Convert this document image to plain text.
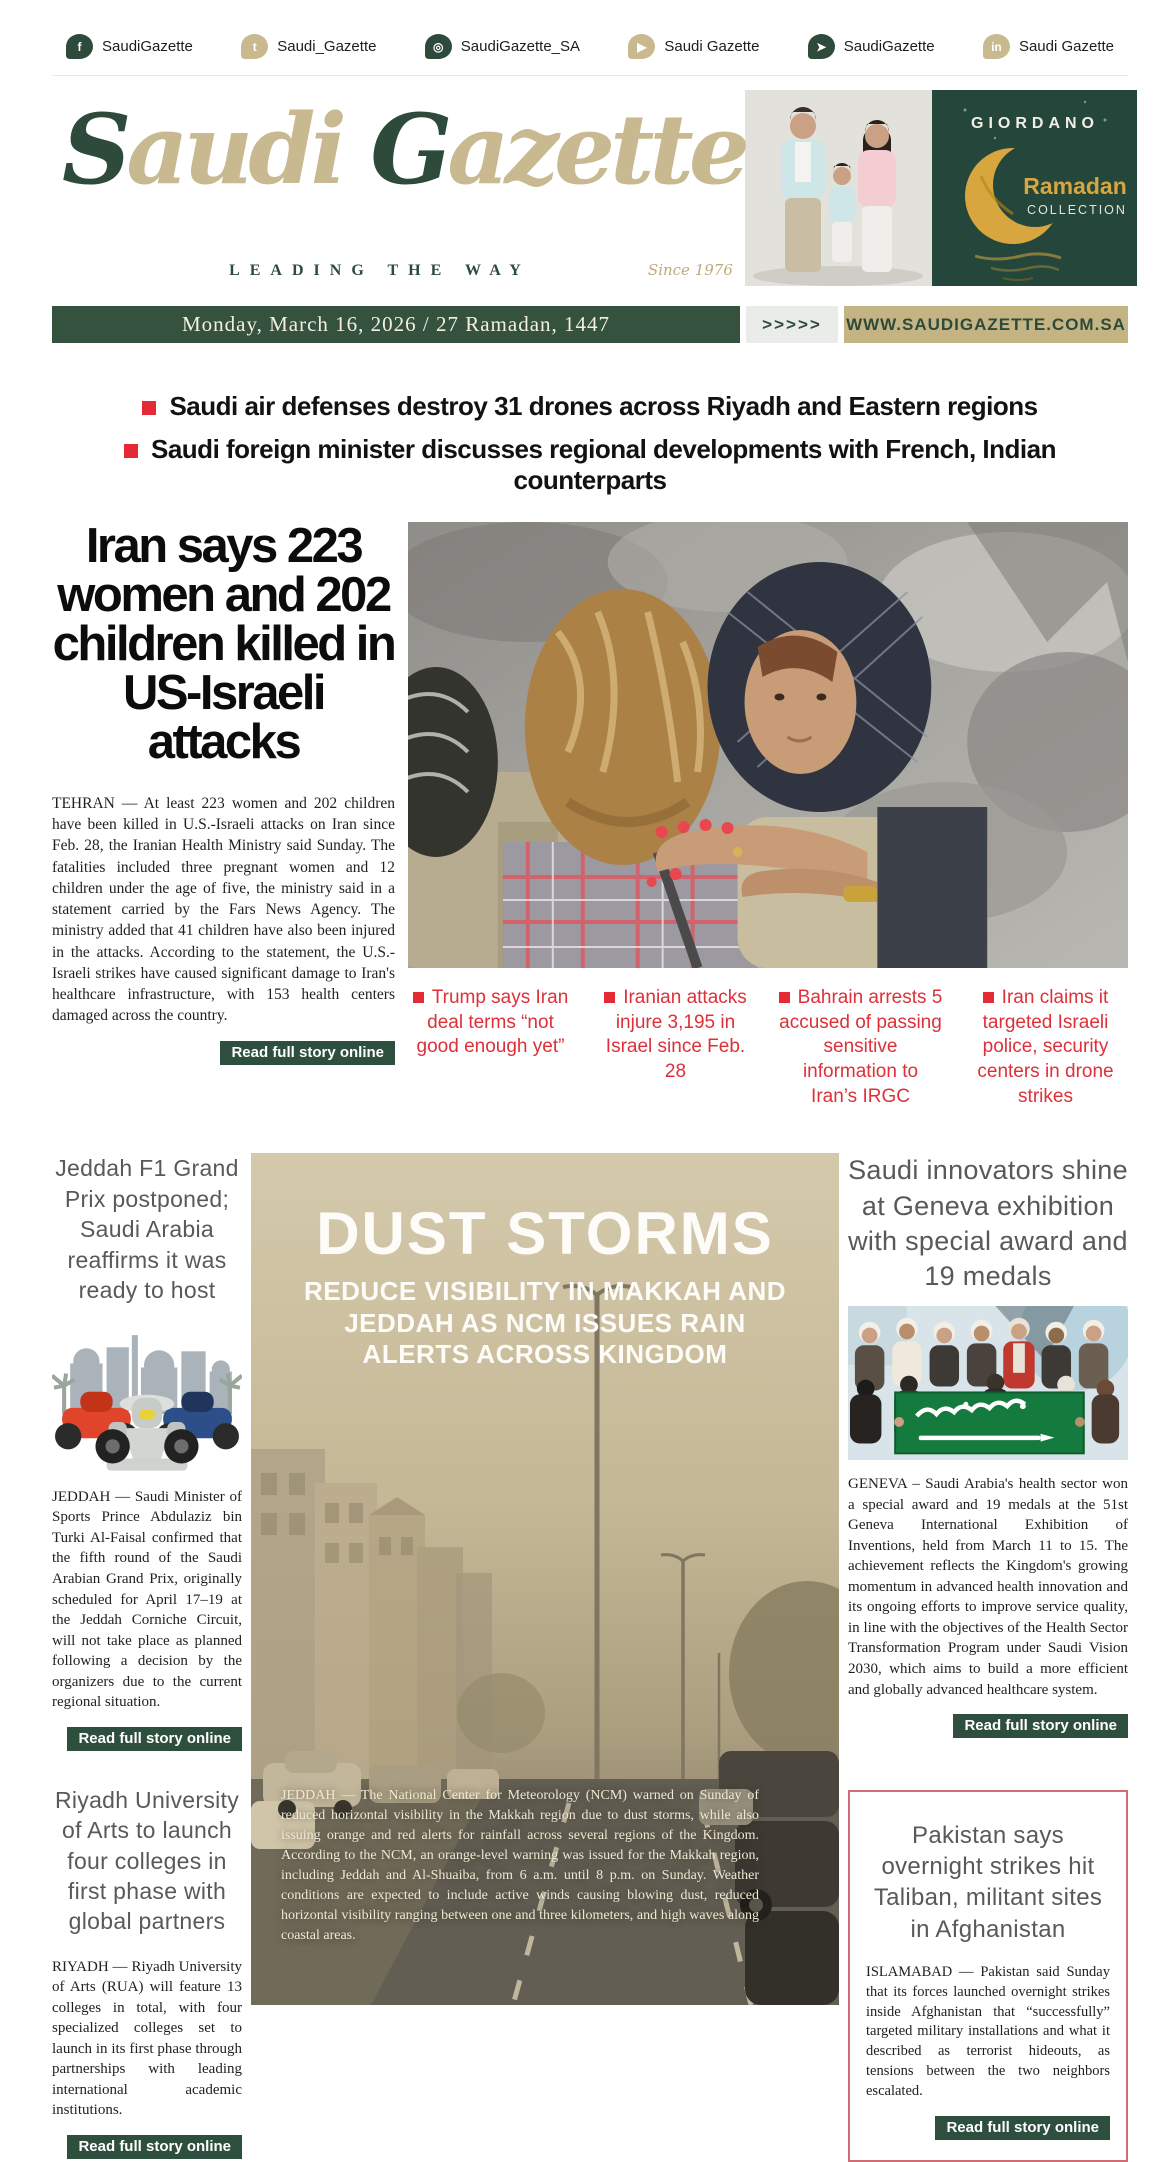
f	SaudiGazette	t	Saudi_Gazette	◎	SaudiGazette_SA	▶	Saudi Gazette	➤	SaudiGazette	in	Saudi Gazette
Saudi Gazette
LEADING THE WAY	Since 1976
GIORDANO
Ramadan
COLLECTION
Monday, March 16, 2026 / 27 Ramadan, 1447	>>>>>	WWW.SAUDIGAZETTE.COM.SA
Saudi air defenses destroy 31 drones across Riyadh and Eastern regions
Saudi foreign minister discusses regional developments with French, Indian counterparts
Iran says 223 women and 202 children killed in US-Israeli attacks

TEHRAN — At least 223 women and 202 children have been killed in U.S.-Israeli attacks on Iran since Feb. 28, the Iranian Health Ministry said Sunday. The fatalities included three pregnant women and 12 children under the age of five, the ministry said in a statement carried by the Fars News Agency. The ministry added that 41 children have also been injured in the attacks. According to the statement, the U.S.-Israeli strikes have caused significant damage to Iran's healthcare infrastructure, with 153 health centers damaged across the country.

Read full story online
Trump says Iran deal terms “not good enough yet”
Iranian attacks injure 3,195 in Israel since Feb. 28
Bahrain arrests 5 accused of passing sensitive information to Iran’s IRGC
Iran claims it targeted Israeli police, security centers in drone strikes
Jeddah F1 Grand Prix postponed; Saudi Arabia reaffirms it was ready to host

JEDDAH — Saudi Minister of Sports Prince Abdulaziz bin Turki Al-Faisal confirmed that the fifth round of the Saudi Arabian Grand Prix, originally scheduled for April 17–19 at the Jeddah Corniche Circuit, will not take place as planned following a decision by the organizers due to the current regional situation.

Read full story online
Riyadh University of Arts to launch four colleges in first phase with global partners

RIYADH — Riyadh University of Arts (RUA) will feature 13 colleges in total, with four specialized colleges set to launch in its first phase through partnerships with leading international academic institutions.

Read full story online
DUST STORMS
REDUCE VISIBILITY IN MAKKAH AND JEDDAH AS NCM ISSUES RAIN ALERTS ACROSS KINGDOM

JEDDAH — The National Center for Meteorology (NCM) warned on Sunday of reduced horizontal visibility in the Makkah region due to dust storms, while also issuing orange and red alerts for rainfall across several regions of the Kingdom. According to the NCM, an orange-level warning was issued for the Makkah region, including Jeddah and Al-Shuaiba, from 6 a.m. until 8 p.m. on Sunday. Weather conditions are expected to include active winds causing blowing dust, reduced horizontal visibility ranging between one and three kilometers, and high waves along coastal areas.

Saudi innovators shine at Geneva exhibition with special award and 19 medals

GENEVA – Saudi Arabia's health sector won a special award and 19 medals at the 51st Geneva International Exhibition of Inventions, held from March 11 to 15. The achievement reflects the Kingdom's growing momentum in advanced health innovation and its ongoing efforts to improve service quality, in line with the objectives of the Health Sector Transformation Program under Saudi Vision 2030, which aims to build a more efficient and globally advanced healthcare system.

Read full story online
Pakistan says overnight strikes hit Taliban, militant sites in Afghanistan

ISLAMABAD — Pakistan said Sunday that its forces launched overnight strikes inside Afghanistan that “successfully” targeted military installations and what it described as terrorist hideouts, as tensions between the two neighbors escalated.

Read full story online
